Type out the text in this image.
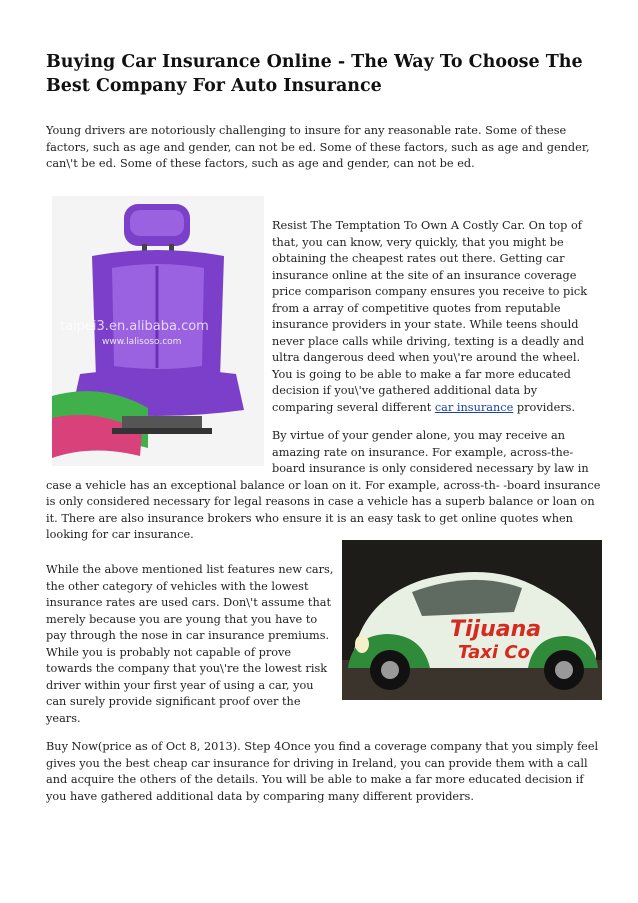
Buying Car Insurance Online - The Way To Choose The Best Company For Auto Insurance

Young drivers are notoriously challenging to insure for any reasonable rate. Some of these factors, such as age and gender, can not be ed. Some of these factors, such as age and gender, can\'t be ed. Some of these factors, such as age and gender, can not be ed.

taipei3.en.alibaba.com
www.lalisoso.com

Resist The Temptation To Own A Costly Car. On top of that, you can know, very quickly, that you might be obtaining the cheapest rates out there. Getting car insurance online at the site of an insurance coverage price comparison company ensures you receive to pick from a array of competitive quotes from reputable insurance providers in your state. While teens should never place calls while driving, texting is a deadly and ultra dangerous deed when you\'re around the wheel. You is going to be able to make a far more educated decision if you\'ve gathered additional data by comparing several different car insurance providers.

By virtue of your gender alone, you may receive an amazing rate on insurance. For example, across-the-board insurance is only considered necessary by law in case a vehicle has an exceptional balance or loan on it. For example, across-th- -board insurance is only considered necessary for legal reasons in case a vehicle has a superb balance or loan on it. There are also insurance brokers who ensure it is an easy task to get online quotes when looking for car insurance.

Tijuana
Taxi Co

While the above mentioned list features new cars, the other category of vehicles with the lowest insurance rates are used cars. Don\'t assume that merely because you are young that you have to pay through the nose in car insurance premiums. While you is probably not capable of prove towards the company that you\'re the lowest risk driver within your first year of using a car, you can surely provide significant proof over the years.

Buy Now(price as of Oct 8, 2013). Step 4Once you find a coverage company that you simply feel gives you the best cheap car insurance for driving in Ireland, you can provide them with a call and acquire the others of the details. You will be able to make a far more educated decision if you have gathered additional data by comparing many different providers.
